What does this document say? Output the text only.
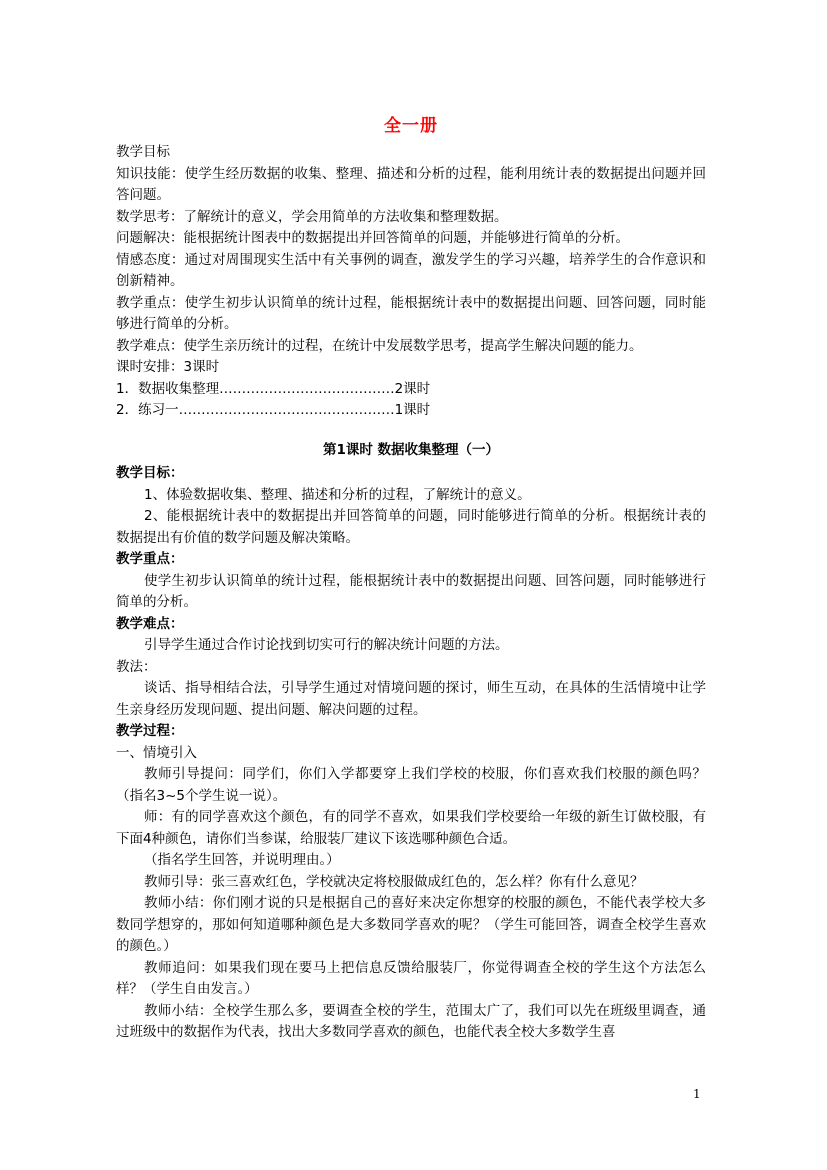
全一册

教学目标

知识技能：使学生经历数据的收集、整理、描述和分析的过程，能利用统计表的数据提出问题并回答问题。

数学思考：了解统计的意义，学会用简单的方法收集和整理数据。

问题解决：能根据统计图表中的数据提出并回答简单的问题，并能够进行简单的分析。

情感态度：通过对周围现实生活中有关事例的调查，激发学生的学习兴趣，培养学生的合作意识和创新精神。

教学重点：使学生初步认识简单的统计过程，能根据统计表中的数据提出问题、回答问题，同时能够进行简单的分析。

教学难点：使学生亲历统计的过程，在统计中发展数学思考，提高学生解决问题的能力。

课时安排：3课时

1．数据收集整理…………………………………2课时

2．练习一…………………………………………1课时

第1课时 数据收集整理（一）

教学目标：

1、体验数据收集、整理、描述和分析的过程，了解统计的意义。

2、能根据统计表中的数据提出并回答简单的问题，同时能够进行简单的分析。根据统计表的数据提出有价值的数学问题及解决策略。

教学重点：

使学生初步认识简单的统计过程，能根据统计表中的数据提出问题、回答问题，同时能够进行简单的分析。

教学难点：

引导学生通过合作讨论找到切实可行的解决统计问题的方法。

教法：

谈话、指导相结合法，引导学生通过对情境问题的探讨，师生互动，在具体的生活情境中让学生亲身经历发现问题、提出问题、解决问题的过程。

教学过程：

一、情境引入

教师引导提问：同学们，你们入学都要穿上我们学校的校服，你们喜欢我们校服的颜色吗？（指名3~5个学生说一说）。

师：有的同学喜欢这个颜色，有的同学不喜欢，如果我们学校要给一年级的新生订做校服，有下面4种颜色，请你们当参谋，给服装厂建议下该选哪种颜色合适。

（指名学生回答，并说明理由。）

教师引导：张三喜欢红色，学校就决定将校服做成红色的，怎么样？你有什么意见？

教师小结：你们刚才说的只是根据自己的喜好来决定你想穿的校服的颜色，不能代表学校大多数同学想穿的，那如何知道哪种颜色是大多数同学喜欢的呢？（学生可能回答，调查全校学生喜欢的颜色。）

教师追问：如果我们现在要马上把信息反馈给服装厂，你觉得调查全校的学生这个方法怎么样？（学生自由发言。）

教师小结：全校学生那么多，要调查全校的学生，范围太广了，我们可以先在班级里调查，通过班级中的数据作为代表，找出大多数同学喜欢的颜色，也能代表全校大多数学生喜

1
